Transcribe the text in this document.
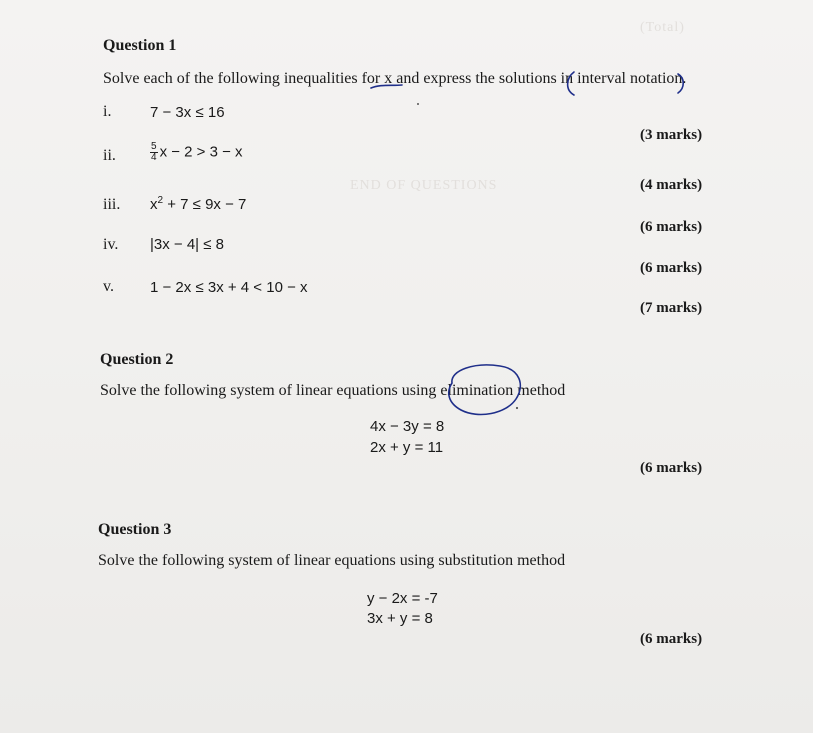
(Total)
END OF QUESTIONS
Question 1
Solve each of the following inequalities for x and express the solutions in interval notation.
i.	7 − 3x ≤ 16
(3 marks)
ii.	$\frac{5}{4}$ x − 2 > 3 − x
(4 marks)
iii. $x^2 + 7 \le 9x - 7$
(6 marks)
iv. |3x − 4| ≤ 8
(6 marks)
v. 1 − 2x ≤ 3x + 4 < 10 − x
(7 marks)
Question 2
Solve the following system of linear equations using elimination method
4x − 3y = 8
2x + y = 11
(6 marks)
Question 3
Solve the following system of linear equations using substitution method
y − 2x = -7
3x + y = 8
(6 marks)
